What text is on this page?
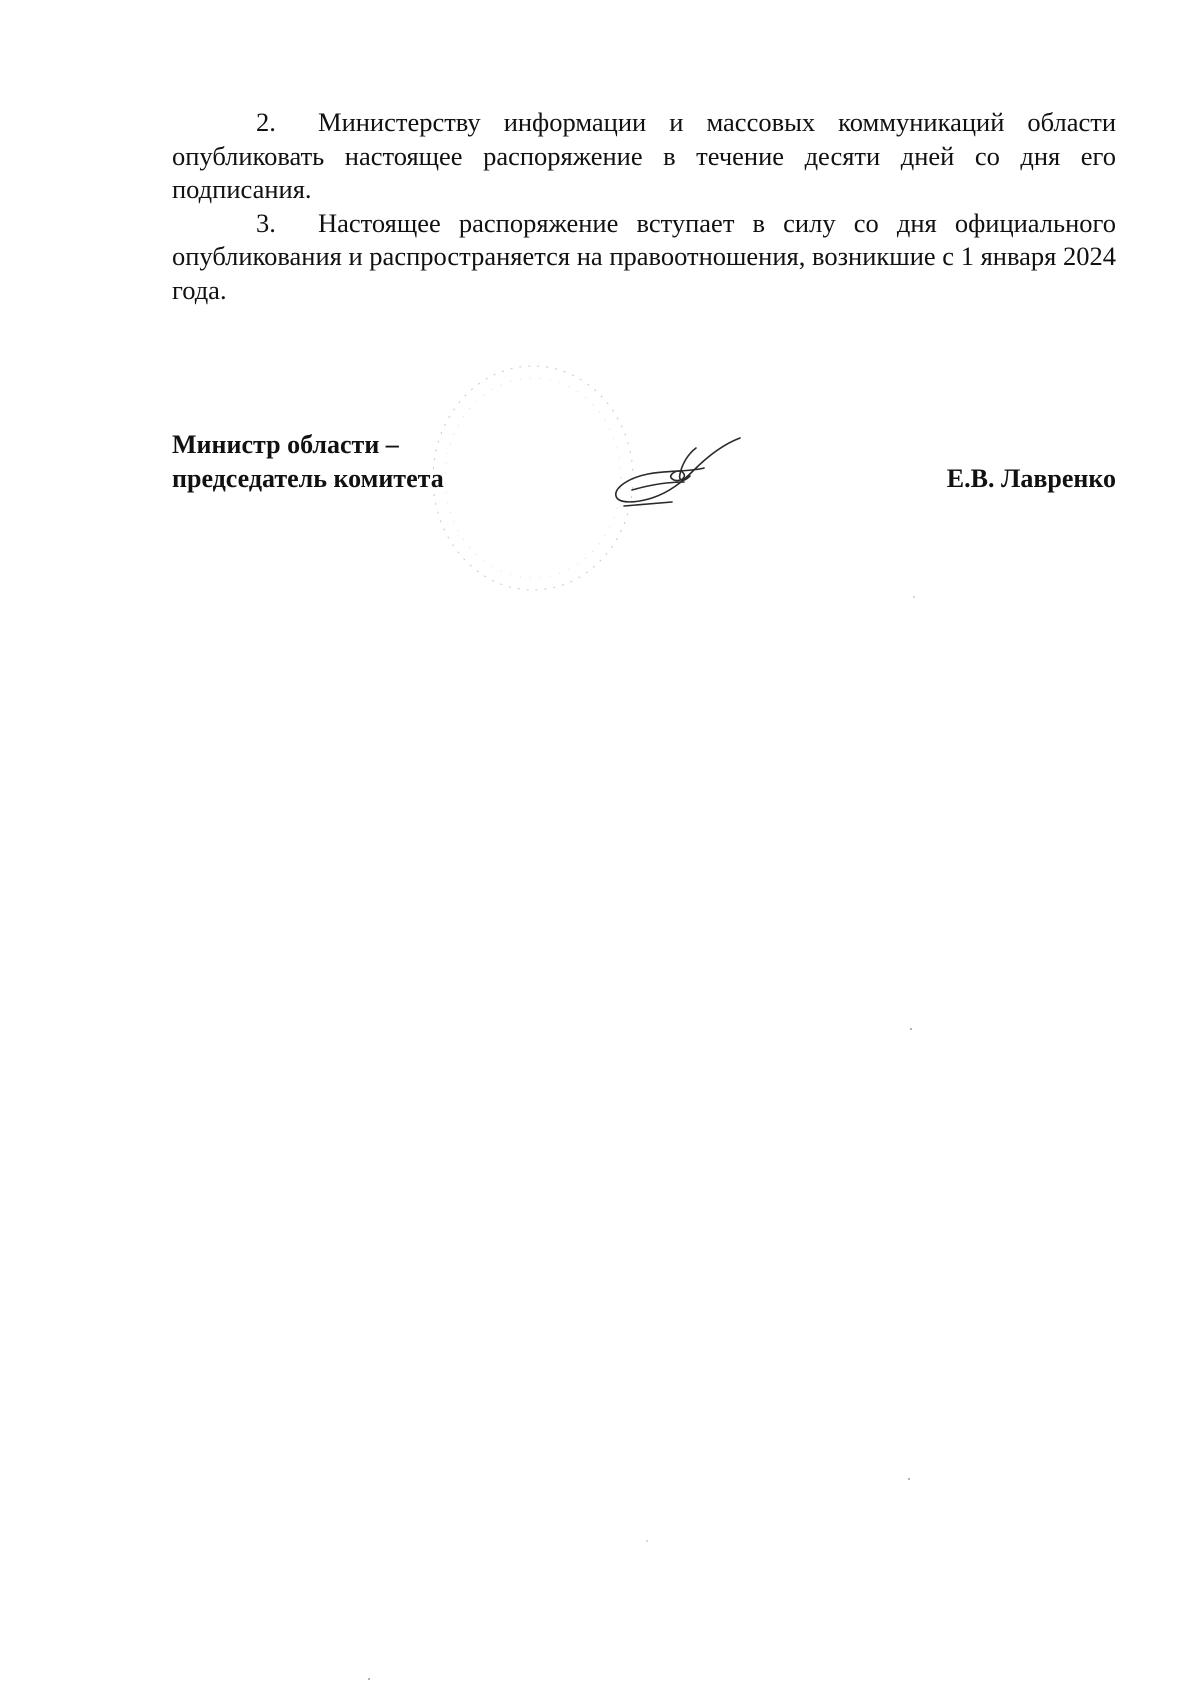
2. Министерству информации и массовых коммуникаций области опубликовать настоящее распоряжение в течение десяти дней со дня его подписания.

3. Настоящее распоряжение вступает в силу со дня официального опубликования и распространяется на правоотношения, возникшие с 1 января 2024 года.

Министр области –
председатель комитета	Е.В. Лавренко
